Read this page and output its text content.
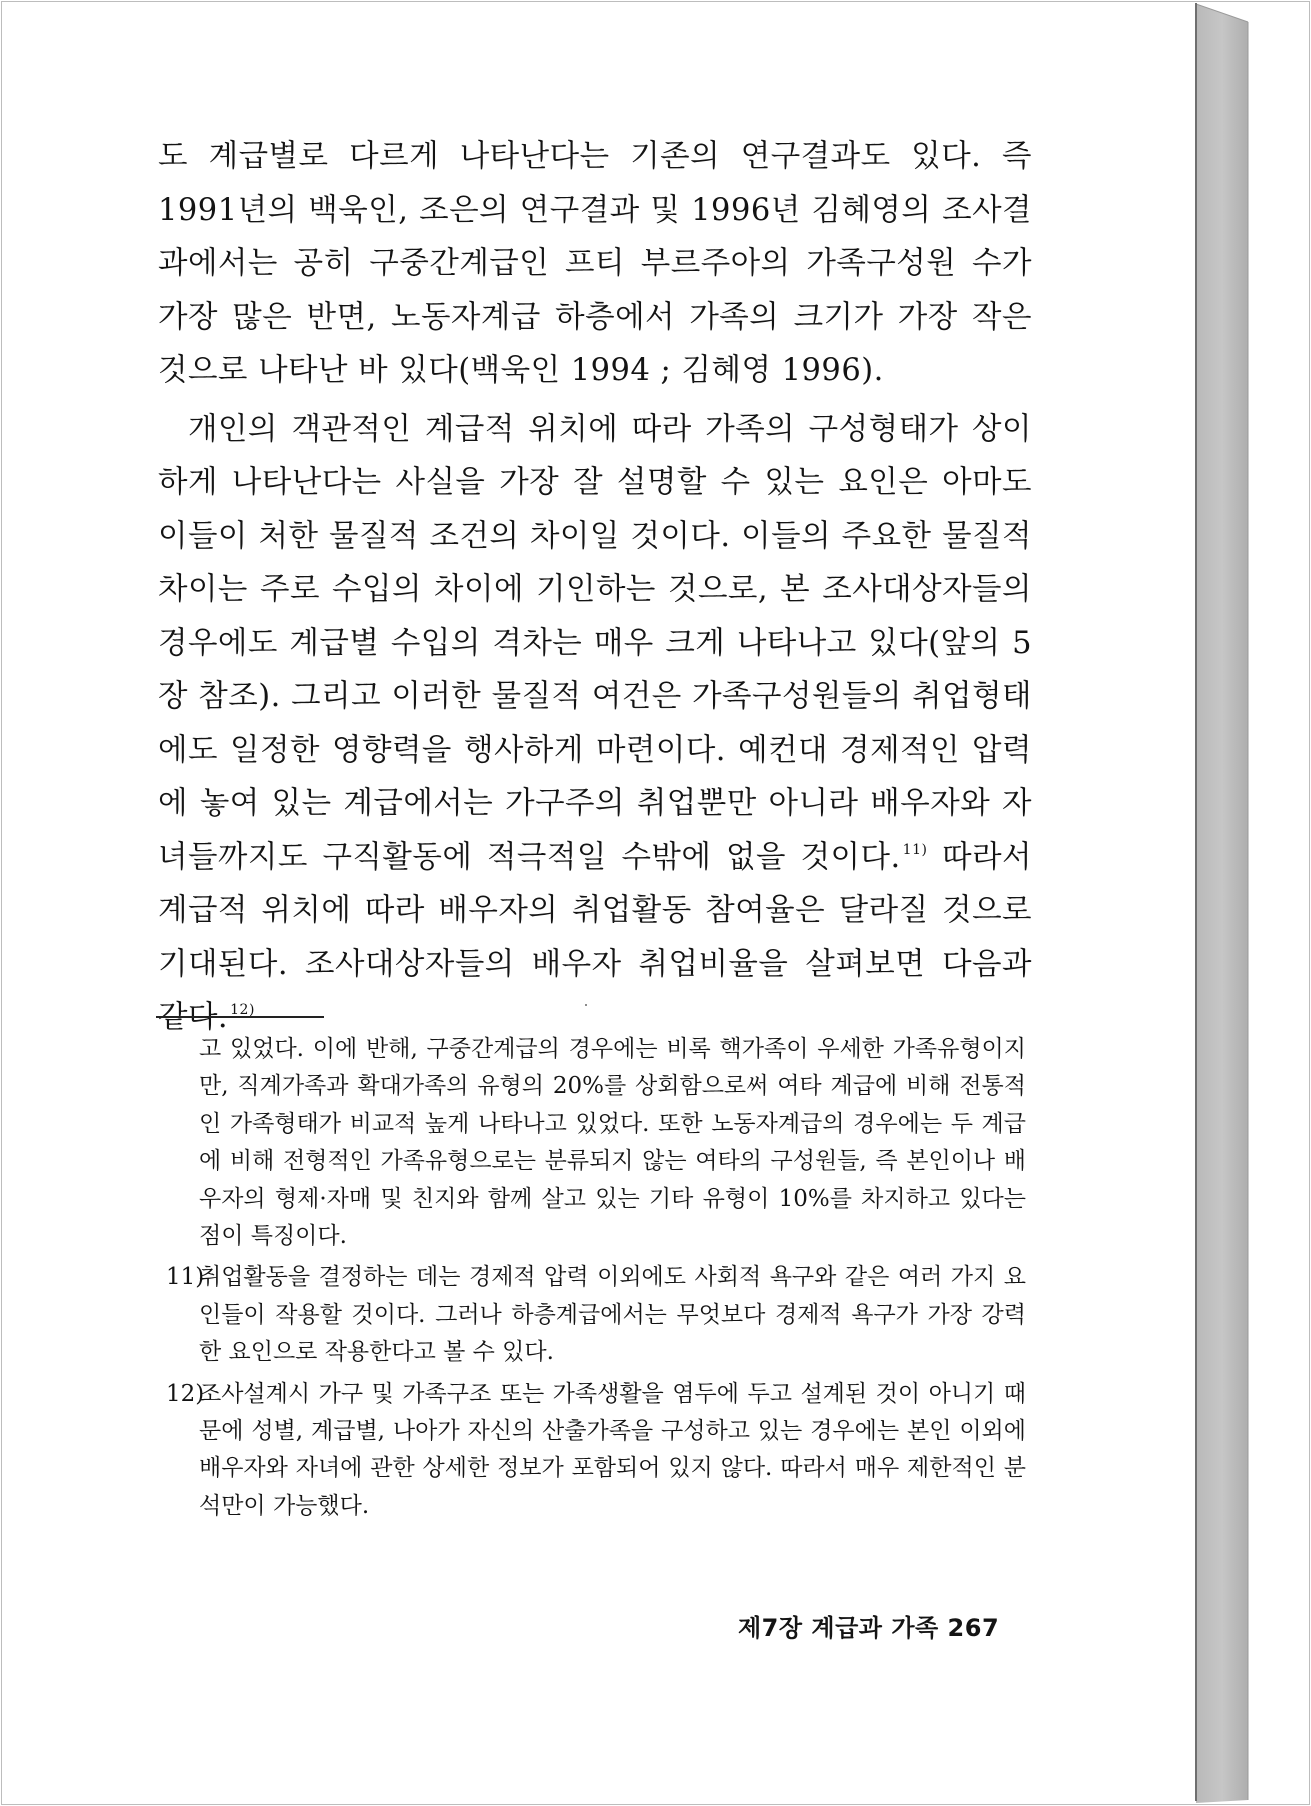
도 계급별로 다르게 나타난다는 기존의 연구결과도 있다. 즉 1991년의 백욱인, 조은의 연구결과 및 1996년 김혜영의 조사결과에서는 공히 구중간계급인 프티 부르주아의 가족구성원 수가 가장 많은 반면, 노동자계급 하층에서 가족의 크기가 가장 작은 것으로 나타난 바 있다(백욱인 1994 ; 김혜영 1996).

개인의 객관적인 계급적 위치에 따라 가족의 구성형태가 상이하게 나타난다는 사실을 가장 잘 설명할 수 있는 요인은 아마도 이들이 처한 물질적 조건의 차이일 것이다. 이들의 주요한 물질적 차이는 주로 수입의 차이에 기인하는 것으로, 본 조사대상자들의 경우에도 계급별 수입의 격차는 매우 크게 나타나고 있다(앞의 5장 참조). 그리고 이러한 물질적 여건은 가족구성원들의 취업형태에도 일정한 영향력을 행사하게 마련이다. 예컨대 경제적인 압력에 놓여 있는 계급에서는 가구주의 취업뿐만 아니라 배우자와 자녀들까지도 구직활동에 적극적일 수밖에 없을 것이다. $^{11)}$ 따라서 계급적 위치에 따라 배우자의 취업활동 참여율은 달라질 것으로 기대된다. 조사대상자들의 배우자 취업비율을 살펴보면 다음과 같다. $^{12)}$

고 있었다. 이에 반해, 구중간계급의 경우에는 비록 핵가족이 우세한 가족유형이지만, 직계가족과 확대가족의 유형의 20%를 상회함으로써 여타 계급에 비해 전통적인 가족형태가 비교적 높게 나타나고 있었다. 또한 노동자계급의 경우에는 두 계급에 비해 전형적인 가족유형으로는 분류되지 않는 여타의 구성원들, 즉 본인이나 배우자의 형제·자매 및 친지와 함께 살고 있는 기타 유형이 10%를 차지하고 있다는 점이 특징이다.

11)
취업활동을 결정하는 데는 경제적 압력 이외에도 사회적 욕구와 같은 여러 가지 요인들이 작용할 것이다. 그러나 하층계급에서는 무엇보다 경제적 욕구가 가장 강력한 요인으로 작용한다고 볼 수 있다.

12)
조사설계시 가구 및 가족구조 또는 가족생활을 염두에 두고 설계된 것이 아니기 때문에 성별, 계급별, 나아가 자신의 산출가족을 구성하고 있는 경우에는 본인 이외에 배우자와 자녀에 관한 상세한 정보가 포함되어 있지 않다. 따라서 매우 제한적인 분석만이 가능했다.

제7장 계급과 가족 267
